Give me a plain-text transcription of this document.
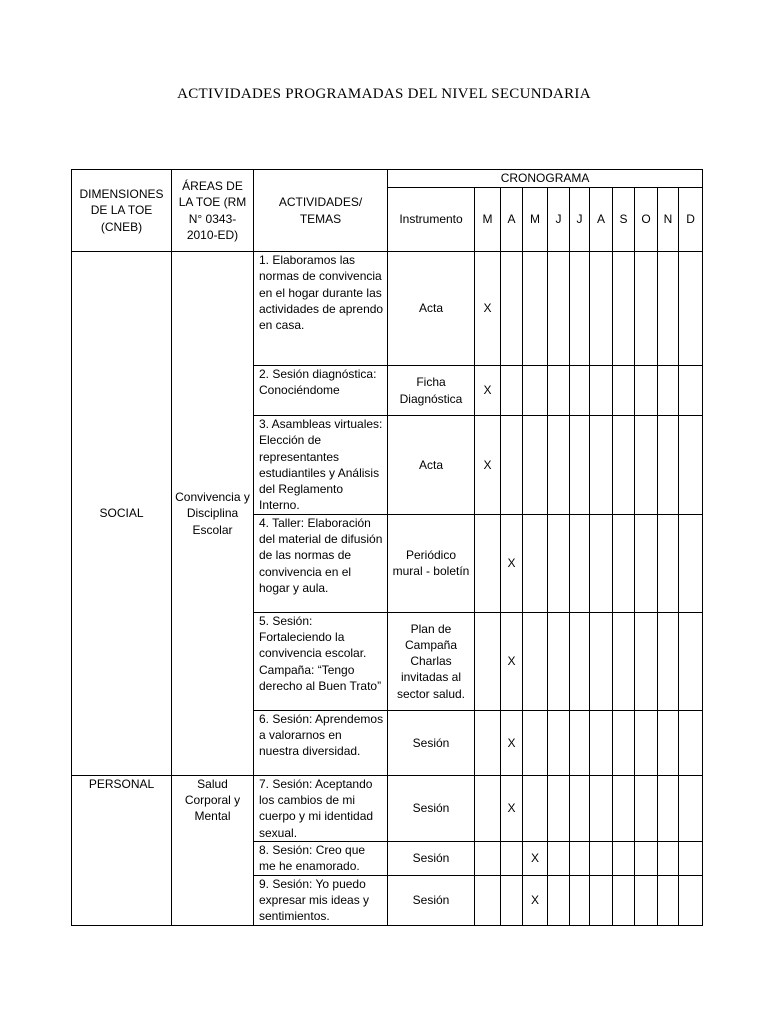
ACTIVIDADES PROGRAMADAS DEL NIVEL SECUNDARIA
DIMENSIONES DE LA TOE (CNEB)	ÁREAS DE LA TOE (RM N° 0343-2010-ED)	ACTIVIDADES/ TEMAS	CRONOGRAMA										
			Instrumento	M	A	M	J	J	A	S	O	N	D
SOCIAL	Convivencia y Disciplina Escolar	1. Elaboramos las normas de convivencia en el hogar durante las actividades de aprendo en casa.	Acta	X									
		2. Sesión diagnóstica: Conociéndome	Ficha Diagnóstica	X									
		3. Asambleas virtuales: Elección de representantes estudiantiles y Análisis del Reglamento Interno.	Acta	X									
		4. Taller: Elaboración del material de difusión de las normas de convivencia en el hogar y aula.	Periódico mural - boletín		X								
		5. Sesión: Fortaleciendo la convivencia escolar. Campaña: “Tengo derecho al Buen Trato”	Plan de Campaña Charlas invitadas al sector salud.		X								
		6. Sesión: Aprendemos a valorarnos en nuestra diversidad.	Sesión		X								
PERSONAL	Salud Corporal y Mental	7. Sesión: Aceptando los cambios de mi cuerpo y mi identidad sexual.	Sesión		X								
		8. Sesión: Creo que me he enamorado.	Sesión			X							
		9. Sesión: Yo puedo expresar mis ideas y sentimientos.	Sesión			X							
